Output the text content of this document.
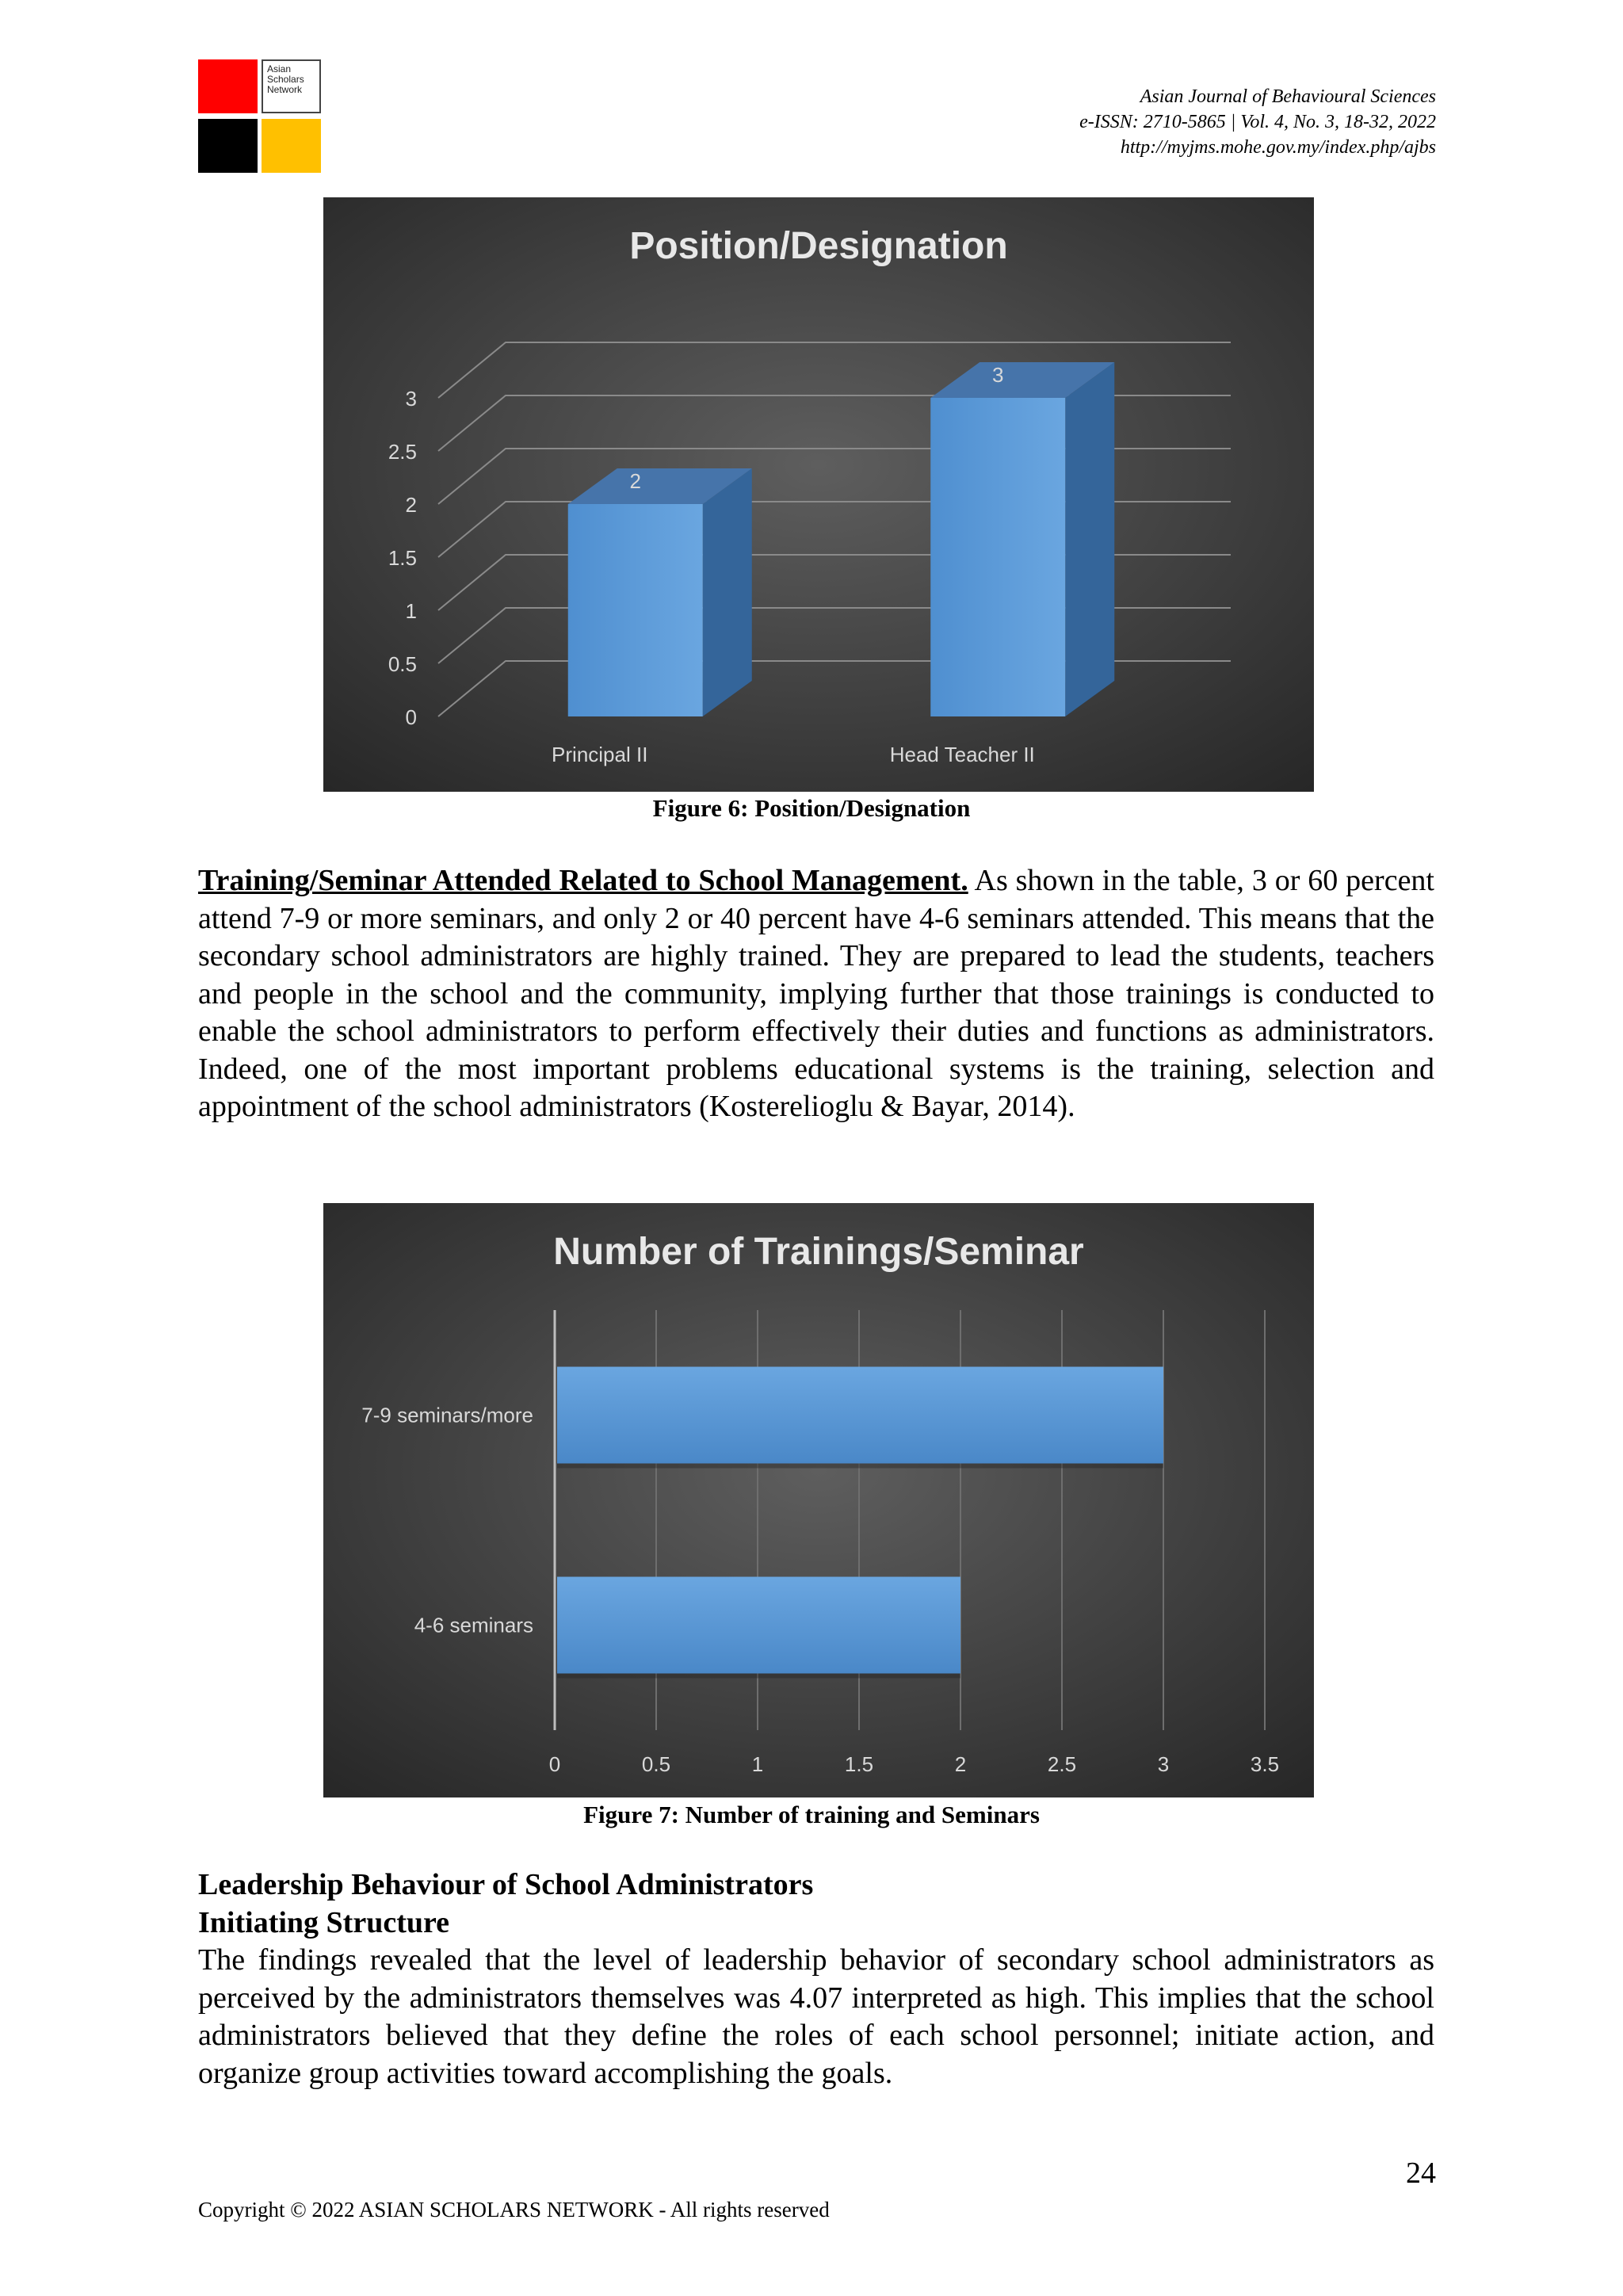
Asian
Scholars
Network	Asian Journal of Behavioural Sciences
e-ISSN: 2710-5865 | Vol. 4, No. 3, 18-32, 2022
http://myjms.mohe.gov.my/index.php/ajbs
Position/Designation
0
0.5
1
1.5
2
2.5
3
2
3
Principal II	Head Teacher II
Figure 6: Position/Designation
Training/Seminar Attended Related to School Management. As shown in the table, 3 or 60 percent attend 7-9 or more seminars, and only 2 or 40 percent have 4-6 seminars attended. This means that the secondary school administrators are highly trained. They are prepared to lead the students, teachers and people in the school and the community, implying further that those trainings is conducted to enable the school administrators to perform effectively their duties and functions as administrators. Indeed, one of the most important problems educational systems is the training, selection and appointment of the school administrators (Kosterelioglu & Bayar, 2014).
Number of Trainings/Seminar
0	0.5	1	1.5	2	2.5	3	3.5
7-9 seminars/more
4-6 seminars
Figure 7: Number of training and Seminars
Leadership Behaviour of School Administrators
Initiating Structure
The findings revealed that the level of leadership behavior of secondary school administrators as perceived by the administrators themselves was 4.07 interpreted as high. This implies that the school administrators believed that they define the roles of each school personnel; initiate action, and organize group activities toward accomplishing the goals.
24
Copyright © 2022 ASIAN SCHOLARS NETWORK - All rights reserved
